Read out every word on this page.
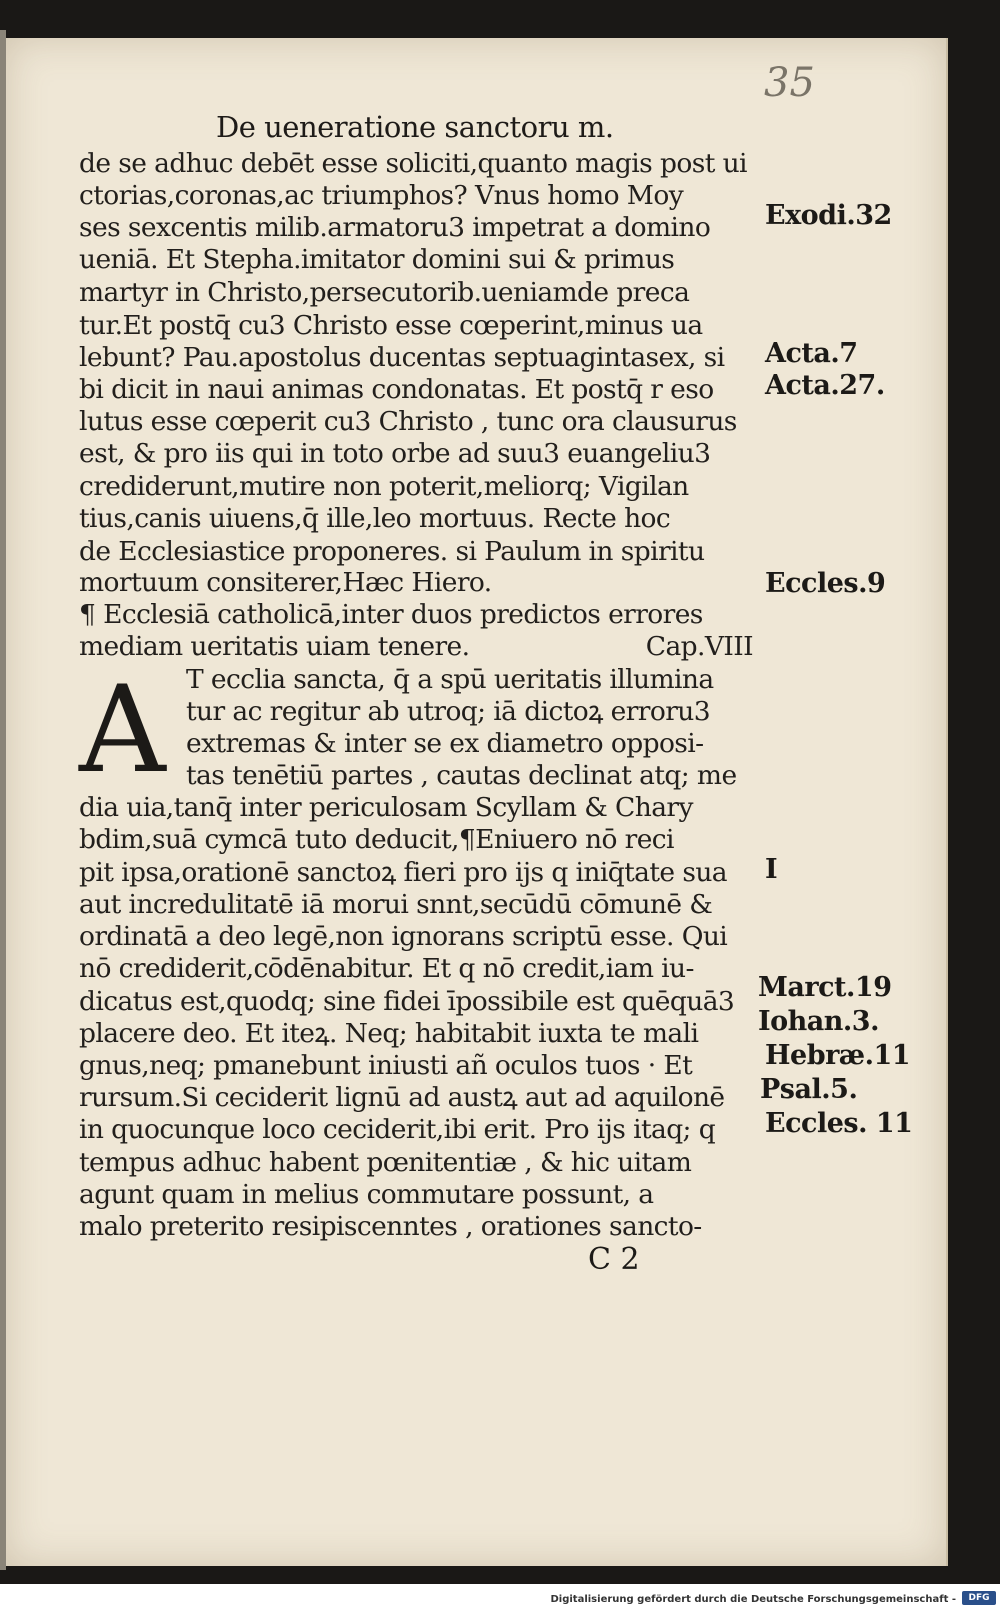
35
De ueneratione sanctoru m.
de se adhuc debēt esse soliciti,quanto magis post ui
ctorias,coronas,ac triumphos? Vnus homo Moy
ses sexcentis milib.armatoru3 impetrat a domino
ueniā. Et Stepha.imitator domini sui & primus
martyr in Christo,persecutorib.ueniamde preca
tur.Et postq̄ cu3 Christo esse cœperint,minus ua
lebunt? Pau.apostolus ducentas septuagintasex, si
bi dicit in naui animas condonatas. Et postq̄ r eso
lutus esse cœperit cu3 Christo , tunc ora clausurus
est, & pro iis qui in toto orbe ad suu3 euangeliu3
crediderunt,mutire non poterit,meliorq; Vigilan
tius,canis uiuens,q̄ ille,leo mortuus. Recte hoc
de Ecclesiastice proponeres. si Paulum in spiritu
mortuum consiterer,Hæc Hiero.
¶ Ecclesiā catholicā,inter duos predictos errores
mediam ueritatis uiam tenere.	Cap.VIII
A T ecclia sancta, q̄ a spū ueritatis illumina
tur ac regitur ab utroq; iā dictoꝝ erroru3
extremas & inter se ex diametro opposi-
tas tenētiū partes , cautas declinat atq; me
dia uia,tanq̄ inter periculosam Scyllam & Chary
bdim,suā cymcā tuto deducit,¶Eniuero nō reci
pit ipsa,orationē sanctoꝝ fieri pro ijs q iniq̄tate sua
aut incredulitatē iā morui snnt,secūdū cōmunē &
ordinatā a deo legē,non ignorans scriptū esse. Qui
nō crediderit,cōdēnabitur. Et q nō credit,iam iu-
dicatus est,quodq; sine fidei īpossibile est quēquā3
placere deo. Et iteꝝ. Neq; habitabit iuxta te mali
gnus,neq; pmanebunt iniusti añ oculos tuos · Et
rursum.Si ceciderit lignū ad austꝝ aut ad aquilonē
in quocunque loco ceciderit,ibi erit. Pro ijs itaq; q
tempus adhuc habent pœnitentiæ , & hic uitam
agunt quam in melius commutare possunt, a
malo preterito resipiscenntes , orationes sancto-
C 2
Exodi.32
Acta.7
Acta.27.
Eccles.9
I
Marct.19
Iohan.3.
Hebræ.11
Psal.5.
Eccles. 11
Digitalisierung gefördert durch die Deutsche Forschungsgemeinschaft -	DFG
